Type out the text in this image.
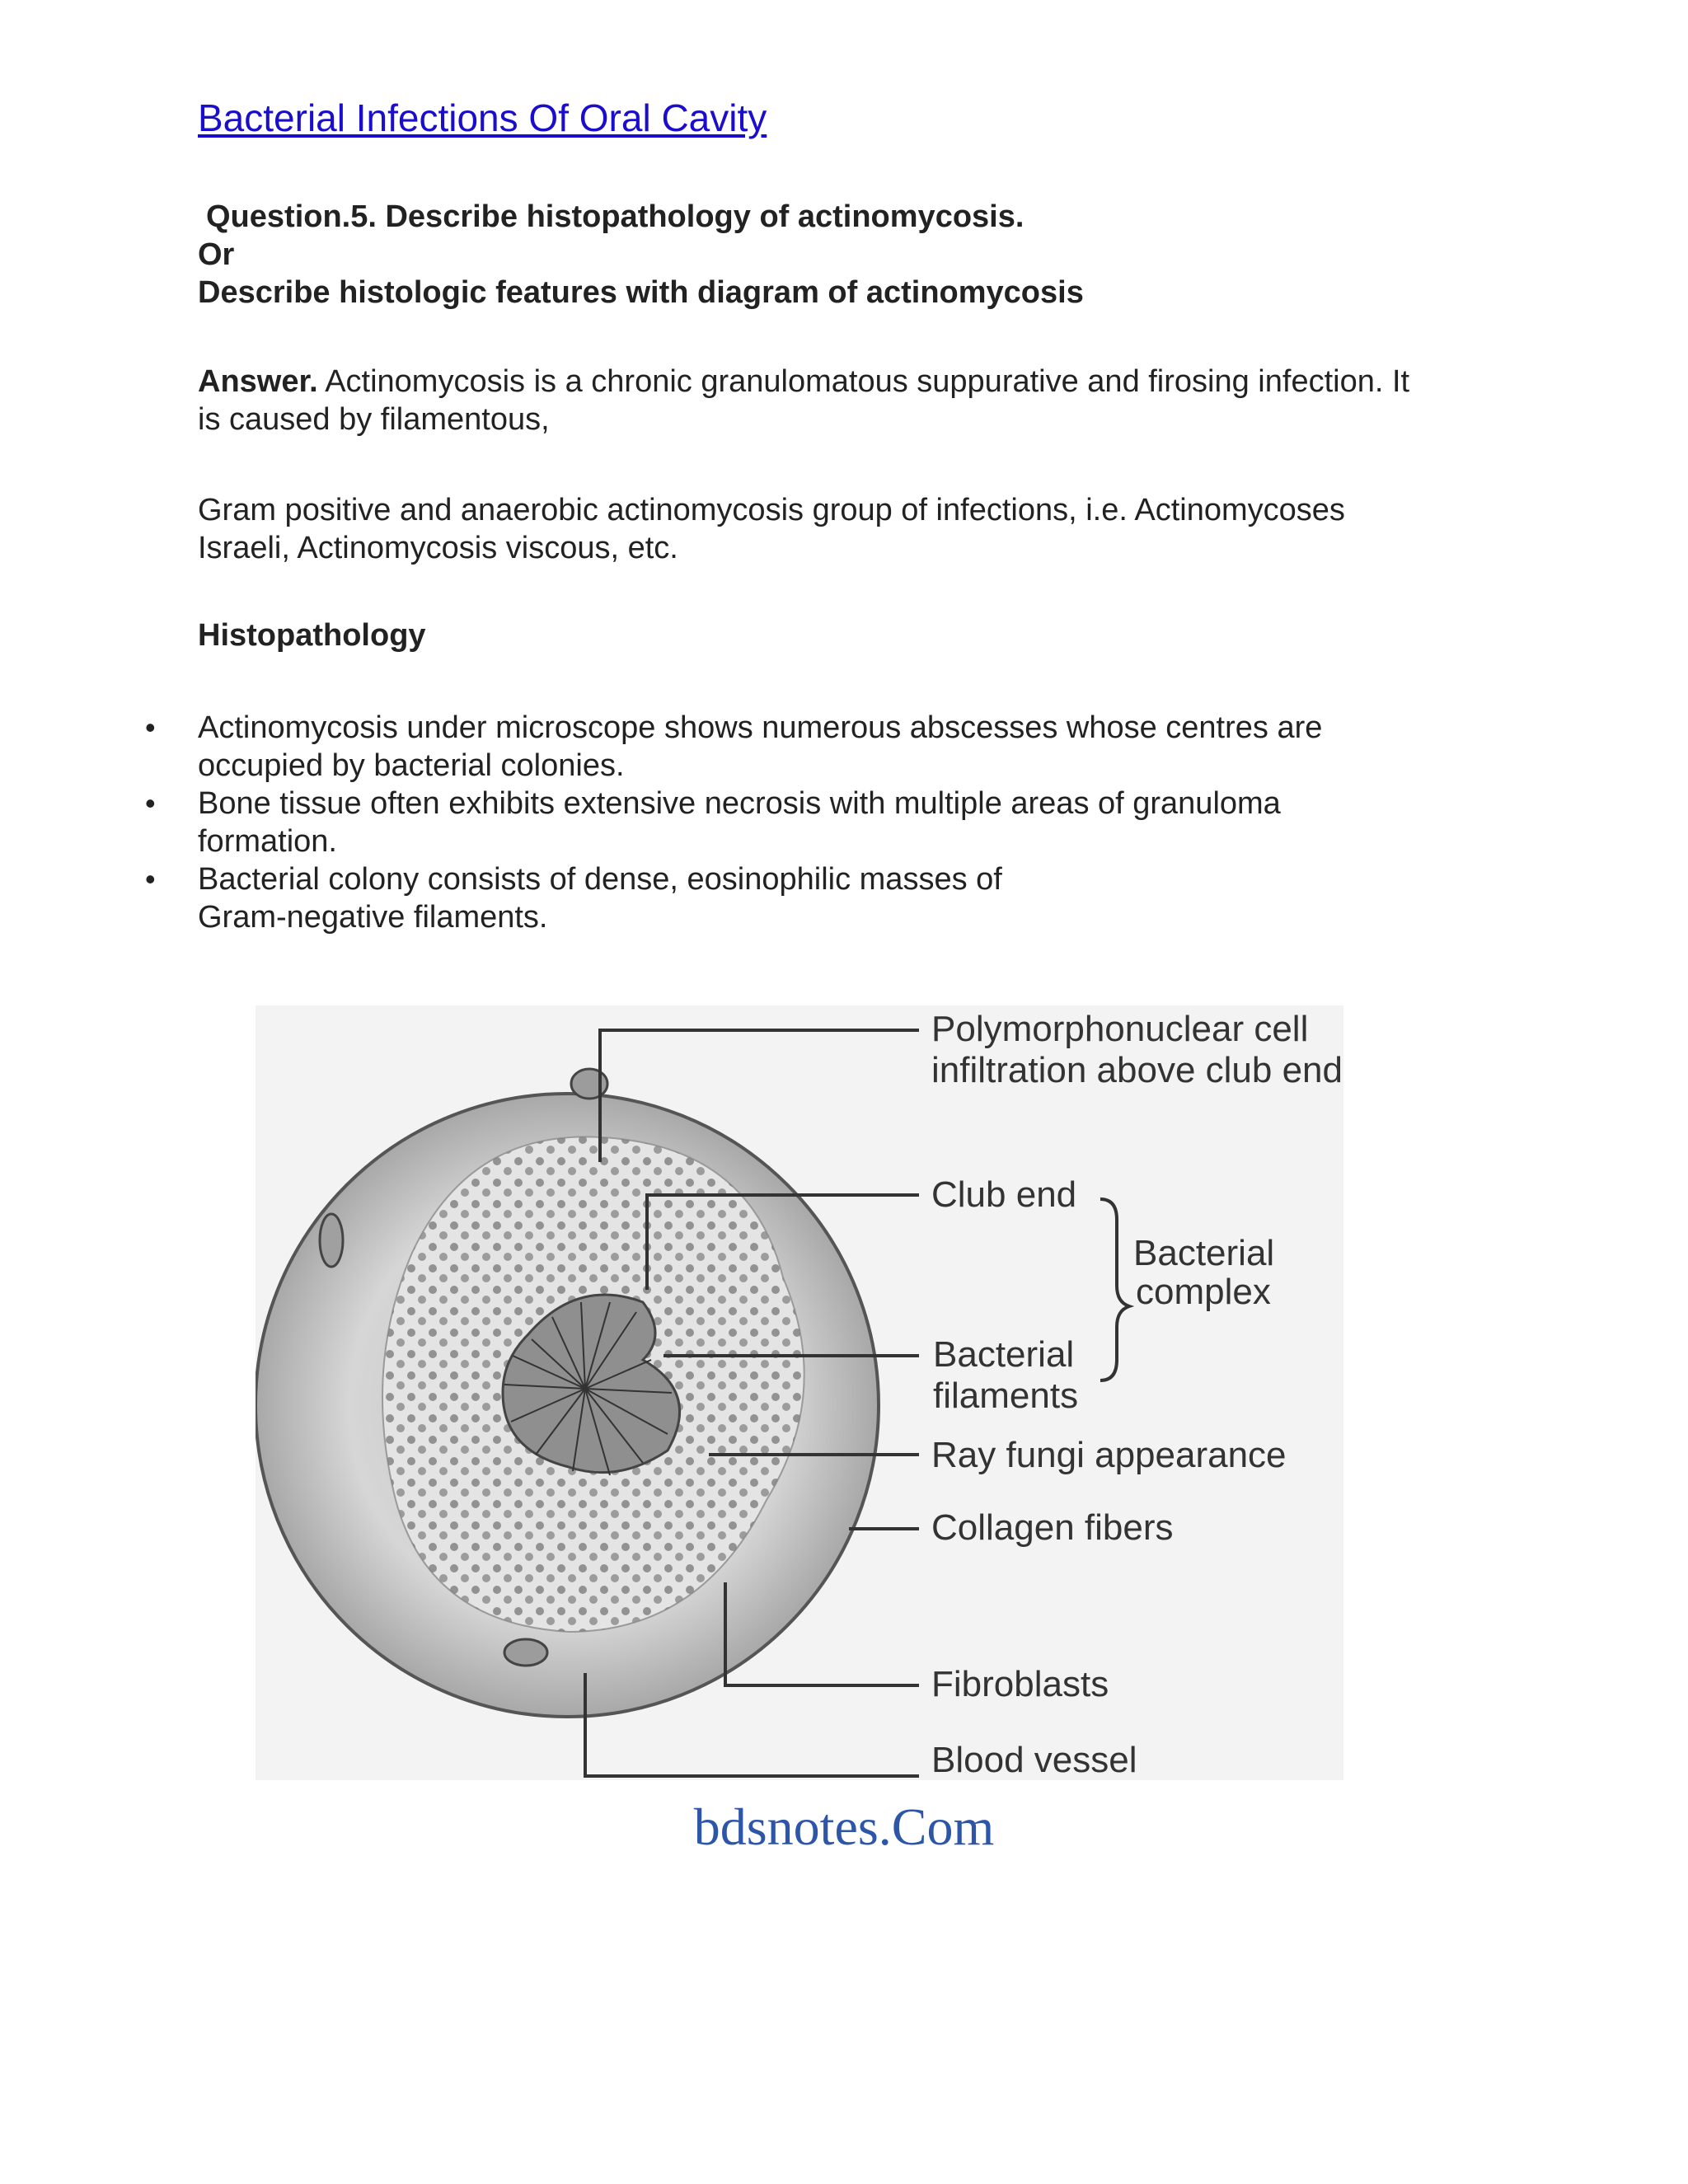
Bacterial Infections Of Oral Cavity
Question.5. Describe histopathology of actinomycosis.
Or
Describe histologic features with diagram of actinomycosis
Answer. Actinomycosis is a chronic granulomatous suppurative and firosing infection. It
is caused by filamentous,
Gram positive and anaerobic actinomycosis group of infections, i.e. Actinomycoses
Israeli, Actinomycosis viscous, etc.
Histopathology
• Actinomycosis under microscope shows numerous abscesses whose centres are
occupied by bacterial colonies.
• Bone tissue often exhibits extensive necrosis with multiple areas of granuloma
formation.
• Bacterial colony consists of dense, eosinophilic masses of
Gram-negative filaments.
Polymorphonuclear cell
infiltration above club end
Club end
Bacterial
complex
Bacterial
filaments
Ray fungi appearance
Collagen fibers
Fibroblasts
Blood vessel
bdsnotes.Com
